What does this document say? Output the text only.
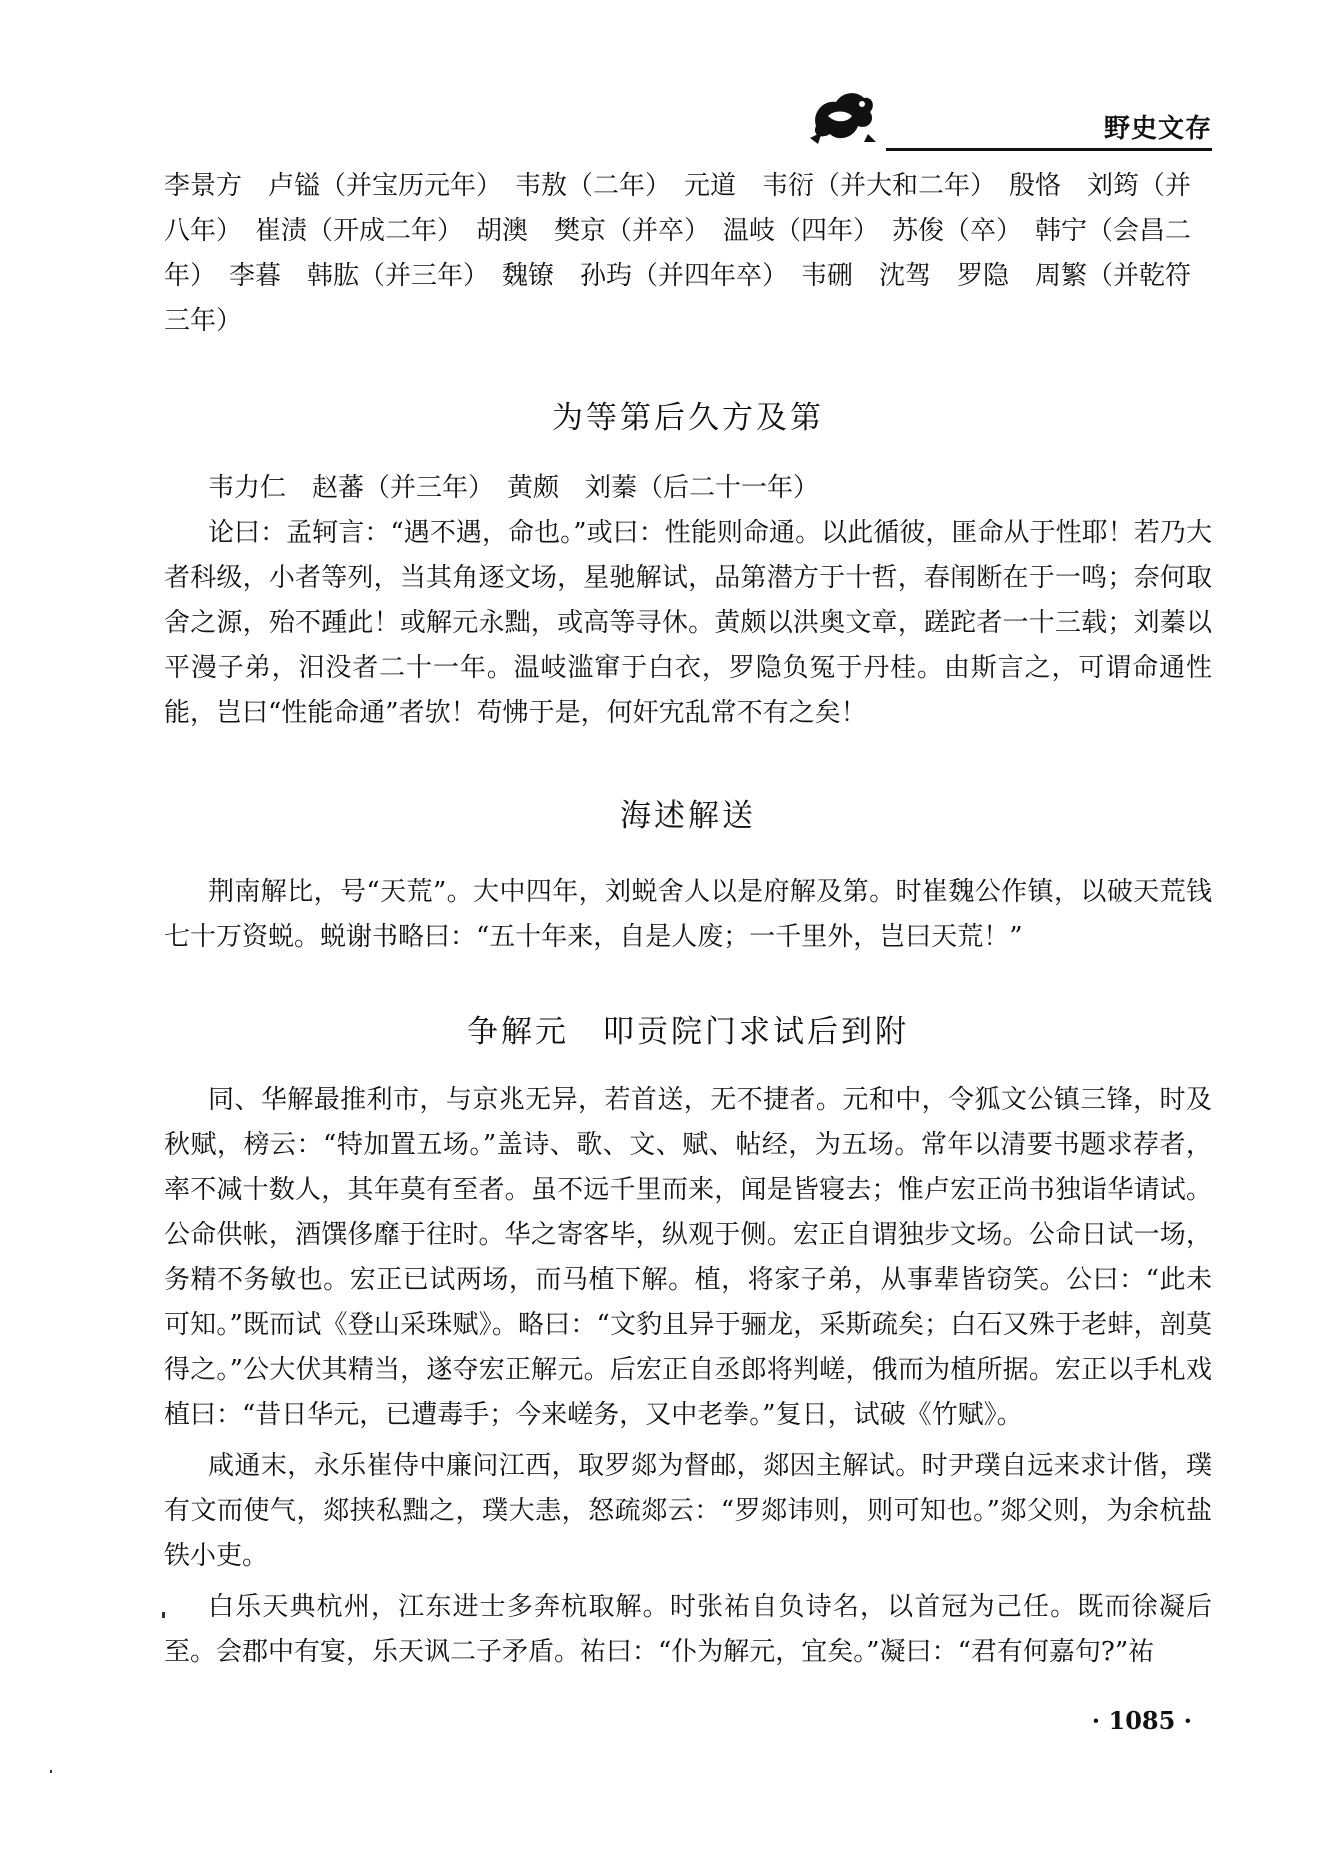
野史文存

李景方　卢镒（并宝历元年）　韦敖（二年）　元道　韦衍（并大和二年）　殷恪　刘筠（并八年）　崔渍（开成二年）　胡澳　樊京（并卒）　温岐（四年）　苏俊（卒）　韩宁（会昌二年）　李暮　韩肱（并三年）　魏镣　孙玙（并四年卒）　韦硎　沈驾　罗隐　周繁（并乾符三年）

为等第后久方及第

韦力仁　赵蕃（并三年）　黄颇　刘蓁（后二十一年）

论曰：孟轲言：“遇不遇，命也。”或曰：性能则命通。以此循彼，匪命从于性耶！若乃大者科级，小者等列，当其角逐文场，星驰解试，品第潜方于十哲，春闱断在于一鸣；奈何取舍之源，殆不踵此！或解元永黜，或高等寻休。黄颇以洪奥文章，蹉跎者一十三载；刘蓁以平漫子弟，汨没者二十一年。温岐滥窜于白衣，罗隐负冤于丹桂。由斯言之，可谓命通性能，岂曰“性能命通”者欤！苟怫于是，何奸宄乱常不有之矣！

海述解送

荆南解比，号“天荒”。大中四年，刘蜕舍人以是府解及第。时崔魏公作镇，以破天荒钱七十万资蜕。蜕谢书略曰：“五十年来，自是人废；一千里外，岂曰天荒！”

争解元　叩贡院门求试后到附

同、华解最推利市，与京兆无异，若首送，无不捷者。元和中，令狐文公镇三锋，时及秋赋，榜云：“特加置五场。”盖诗、歌、文、赋、帖经，为五场。常年以清要书题求荐者，率不减十数人，其年莫有至者。虽不远千里而来，闻是皆寝去；惟卢宏正尚书独诣华请试。公命供帐，酒馔侈靡于往时。华之寄客毕，纵观于侧。宏正自谓独步文场。公命日试一场，务精不务敏也。宏正已试两场，而马植下解。植，将家子弟，从事辈皆窃笑。公曰：“此未可知。”既而试《登山采珠赋》。略曰：“文豹且异于骊龙，采斯疏矣；白石又殊于老蚌，剖莫得之。”公大伏其精当，遂夺宏正解元。后宏正自丞郎将判嵯，俄而为植所据。宏正以手札戏植曰：“昔日华元，已遭毒手；今来嵯务，又中老拳。”复日，试破《竹赋》。

咸通末，永乐崔侍中廉问江西，取罗郯为督邮，郯因主解试。时尹璞自远来求计偕，璞有文而使气，郯挟私黜之，璞大恚，怒疏郯云：“罗郯讳则，则可知也。”郯父则，为余杭盐铁小吏。

白乐天典杭州，江东进士多奔杭取解。时张祐自负诗名，以首冠为己任。既而徐凝后至。会郡中有宴，乐天讽二子矛盾。祐曰：“仆为解元，宜矣。”凝曰：“君有何嘉句?”祐

· 1085 ·
